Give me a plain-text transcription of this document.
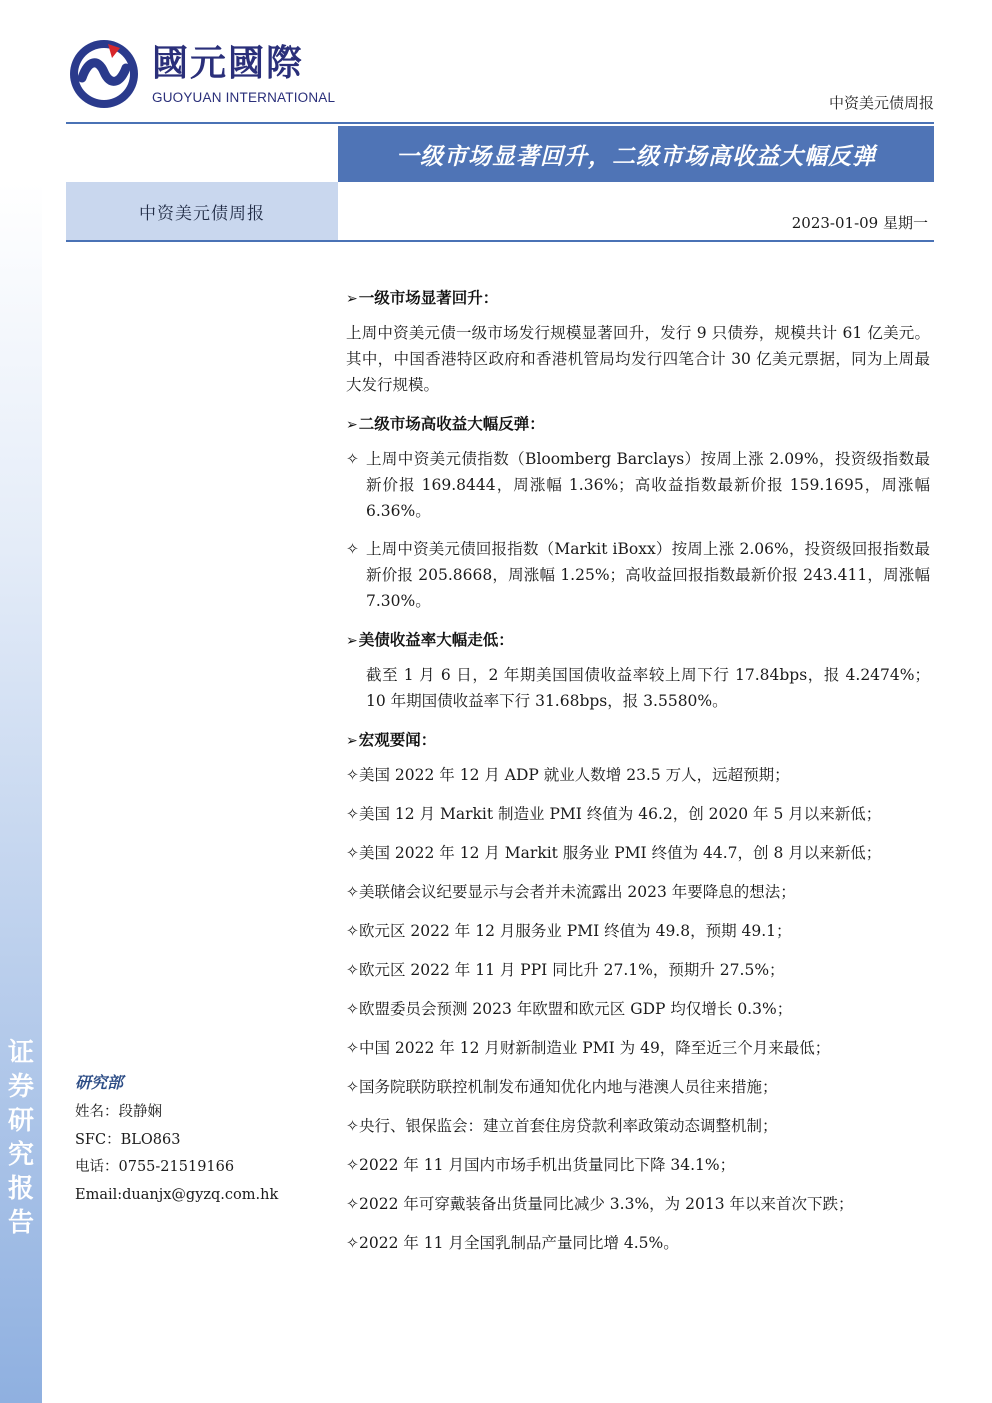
國元國際
GUOYUAN INTERNATIONAL	中资美元债周报
一级市场显著回升，二级市场高收益大幅反弹
中资美元债周报	2023-01-09 星期一
证
券
研
究
报
告
研究部
姓名：段静娴
SFC：BLO863
电话：0755-21519166
Email:duanjx@gyzq.com.hk
➢一级市场显著回升：

上周中资美元债一级市场发行规模显著回升，发行 9 只债券，规模共计 61 亿美元。其中，中国香港特区政府和香港机管局均发行四笔合计 30 亿美元票据，同为上周最大发行规模。

➢二级市场高收益大幅反弹：
✧ 上周中资美元债指数（Bloomberg Barclays）按周上涨 2.09%，投资级指数最新价报 169.8444，周涨幅 1.36%；高收益指数最新价报 159.1695，周涨幅 6.36%。
✧ 上周中资美元债回报指数（Markit iBoxx）按周上涨 2.06%，投资级回报指数最新价报 205.8668，周涨幅 1.25%；高收益回报指数最新价报 243.411，周涨幅 7.30%。
➢美债收益率大幅走低：

截至 1 月 6 日，2 年期美国国债收益率较上周下行 17.84bps，报 4.2474%；10 年期国债收益率下行 31.68bps，报 3.5580%。

➢宏观要闻：
✧美国 2022 年 12 月 ADP 就业人数增 23.5 万人，远超预期；
✧美国 12 月 Markit 制造业 PMI 终值为 46.2，创 2020 年 5 月以来新低；
✧美国 2022 年 12 月 Markit 服务业 PMI 终值为 44.7，创 8 月以来新低；
✧美联储会议纪要显示与会者并未流露出 2023 年要降息的想法；
✧欧元区 2022 年 12 月服务业 PMI 终值为 49.8，预期 49.1；
✧欧元区 2022 年 11 月 PPI 同比升 27.1%，预期升 27.5%；
✧欧盟委员会预测 2023 年欧盟和欧元区 GDP 均仅增长 0.3%；
✧中国 2022 年 12 月财新制造业 PMI 为 49，降至近三个月来最低；
✧国务院联防联控机制发布通知优化内地与港澳人员往来措施；
✧央行、银保监会：建立首套住房贷款利率政策动态调整机制；
✧2022 年 11 月国内市场手机出货量同比下降 34.1%；
✧2022 年可穿戴装备出货量同比减少 3.3%，为 2013 年以来首次下跌；
✧2022 年 11 月全国乳制品产量同比增 4.5%。
